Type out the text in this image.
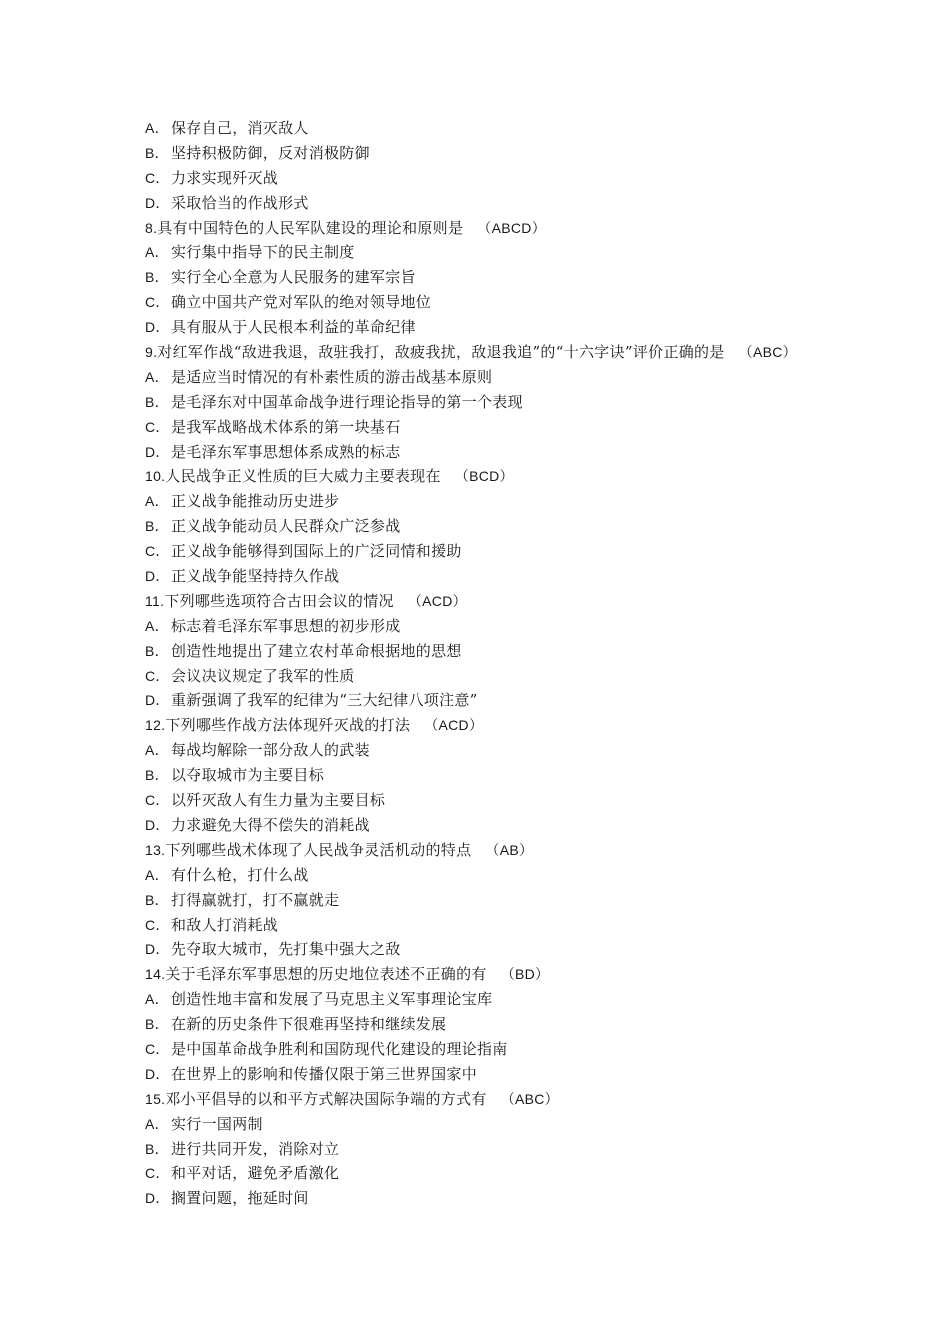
A． 保存自己，消灭敌人
B． 坚持积极防御，反对消极防御
C．力求实现歼灭战
D．采取恰当的作战形式
8.具有中国特色的人民军队建设的理论和原则是 （ABCD）
A． 实行集中指导下的民主制度
B． 实行全心全意为人民服务的建军宗旨
C．确立中国共产党对军队的绝对领导地位
D．具有服从于人民根本利益的革命纪律
9.对红军作战“敌进我退，敌驻我打，敌疲我扰，敌退我追”的“十六字诀”评价正确的是 （ABC）
A． 是适应当时情况的有朴素性质的游击战基本原则
B． 是毛泽东对中国革命战争进行理论指导的第一个表现
C．是我军战略战术体系的第一块基石
D．是毛泽东军事思想体系成熟的标志
10.人民战争正义性质的巨大威力主要表现在 （BCD）
A． 正义战争能推动历史进步
B． 正义战争能动员人民群众广泛参战
C．正义战争能够得到国际上的广泛同情和援助
D．正义战争能坚持持久作战
11.下列哪些选项符合古田会议的情况 （ACD）
A． 标志着毛泽东军事思想的初步形成
B． 创造性地提出了建立农村革命根据地的思想
C．会议决议规定了我军的性质
D．重新强调了我军的纪律为“三大纪律八项注意”
12.下列哪些作战方法体现歼灭战的打法 （ACD）
A． 每战均解除一部分敌人的武装
B． 以夺取城市为主要目标
C．以歼灭敌人有生力量为主要目标
D．力求避免大得不偿失的消耗战
13.下列哪些战术体现了人民战争灵活机动的特点 （AB）
A． 有什么枪，打什么战
B． 打得赢就打，打不赢就走
C．和敌人打消耗战
D．先夺取大城市，先打集中强大之敌
14.关于毛泽东军事思想的历史地位表述不正确的有 （BD）
A． 创造性地丰富和发展了马克思主义军事理论宝库
B． 在新的历史条件下很难再坚持和继续发展
C．是中国革命战争胜利和国防现代化建设的理论指南
D．在世界上的影响和传播仅限于第三世界国家中
15.邓小平倡导的以和平方式解决国际争端的方式有 （ABC）
A． 实行一国两制
B． 进行共同开发，消除对立
C．和平对话，避免矛盾激化
D．搁置问题，拖延时间
